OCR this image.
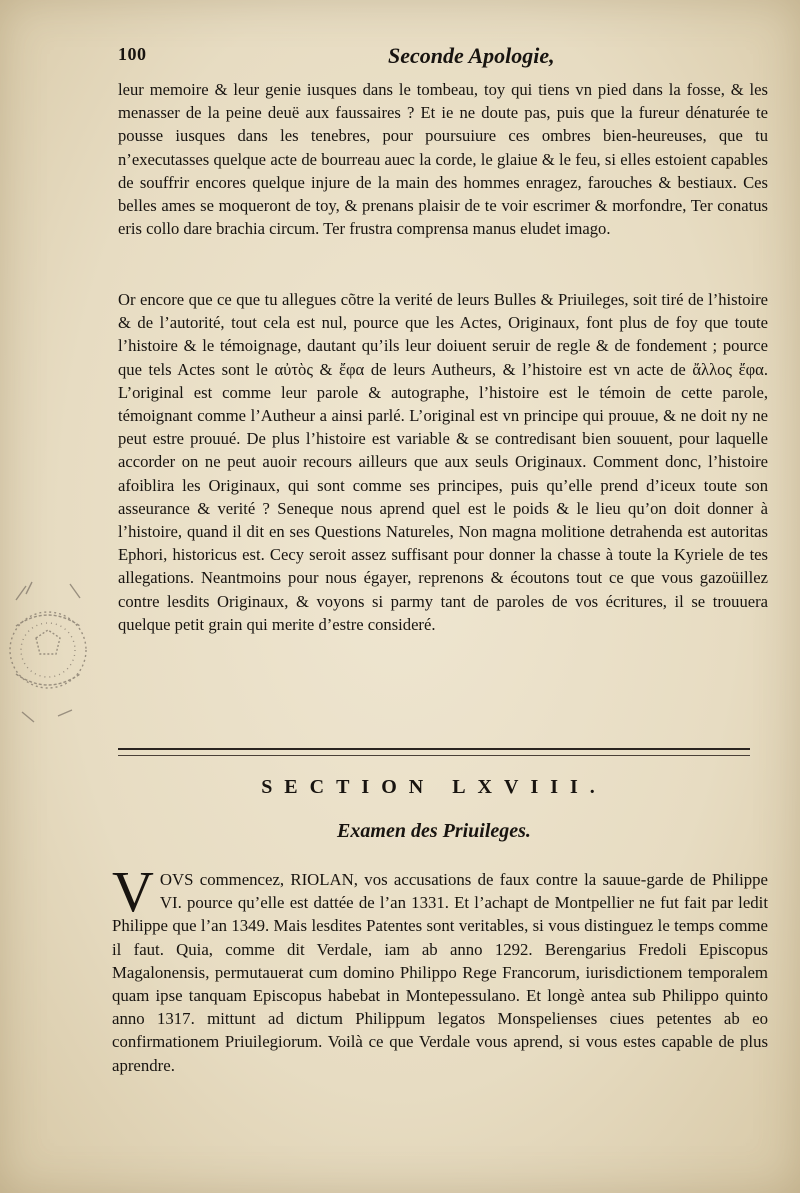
100	Seconde Apologie,

leur memoire & leur genie iusques dans le tombeau, toy qui tiens vn pied dans la fosse, & les menasser de la peine deuë aux faussaires ? Et ie ne doute pas, puis que la fureur dénaturée te pousse iusques dans les tenebres, pour poursuiure ces ombres bien-heureuses, que tu n’executasses quelque acte de bourreau auec la corde, le glaiue & le feu, si elles estoient capables de souffrir encores quelque injure de la main des hommes enragez, farouches & bestiaux. Ces belles ames se moqueront de toy, & prenans plaisir de te voir escrimer & morfondre, Ter conatus eris collo dare brachia circum. Ter frustra comprensa manus eludet imago.

Or encore que ce que tu allegues cõtre la verité de leurs Bulles & Priuileges, soit tiré de l’histoire & de l’autorité, tout cela est nul, pource que les Actes, Originaux, font plus de foy que toute l’histoire & le témoignage, dautant qu’ils leur doiuent seruir de regle & de fondement ; pource que tels Actes sont le αὐτὸς & ἔφα de leurs Autheurs, & l’histoire est vn acte de ἄλλος ἔφα. L’original est comme leur parole & autographe, l’histoire est le témoin de cette parole, témoignant comme l’Autheur a ainsi parlé. L’original est vn principe qui prouue, & ne doit ny ne peut estre prouué. De plus l’histoire est variable & se contredisant bien souuent, pour laquelle accorder on ne peut auoir recours ailleurs que aux seuls Originaux. Comment donc, l’histoire afoiblira les Originaux, qui sont comme ses principes, puis qu’elle prend d’iceux toute son asseurance & verité ? Seneque nous aprend quel est le poids & le lieu qu’on doit donner à l’histoire, quand il dit en ses Questions Natureles, Non magna molitione detrahenda est autoritas Ephori, historicus est. Cecy seroit assez suffisant pour donner la chasse à toute la Kyriele de tes allegations. Neantmoins pour nous égayer, reprenons & écoutons tout ce que vous gazoüillez contre lesdits Originaux, & voyons si parmy tant de paroles de vos écritures, il se trouuera quelque petit grain qui merite d’estre consideré.

SECTION LXVIII.
Examen des Priuileges.
V OVS commencez, RIOLAN, vos accusations de faux contre la sauue-garde de Philippe VI. pource qu’elle est dattée de l’an 1331. Et l’achapt de Montpellier ne fut fait par ledit Philippe que l’an 1349. Mais lesdites Patentes sont veritables, si vous distinguez le temps comme il faut. Quia, comme dit Verdale, iam ab anno 1292. Berengarius Fredoli Episcopus Magalonensis, permutauerat cum domino Philippo Rege Francorum, iurisdictionem temporalem quam ipse tanquam Episcopus habebat in Montepessulano. Et longè antea sub Philippo quinto anno 1317. mittunt ad dictum Philippum legatos Monspelienses ciues petentes ab eo confirmationem Priuilegiorum. Voilà ce que Verdale vous aprend, si vous estes capable de plus aprendre.
